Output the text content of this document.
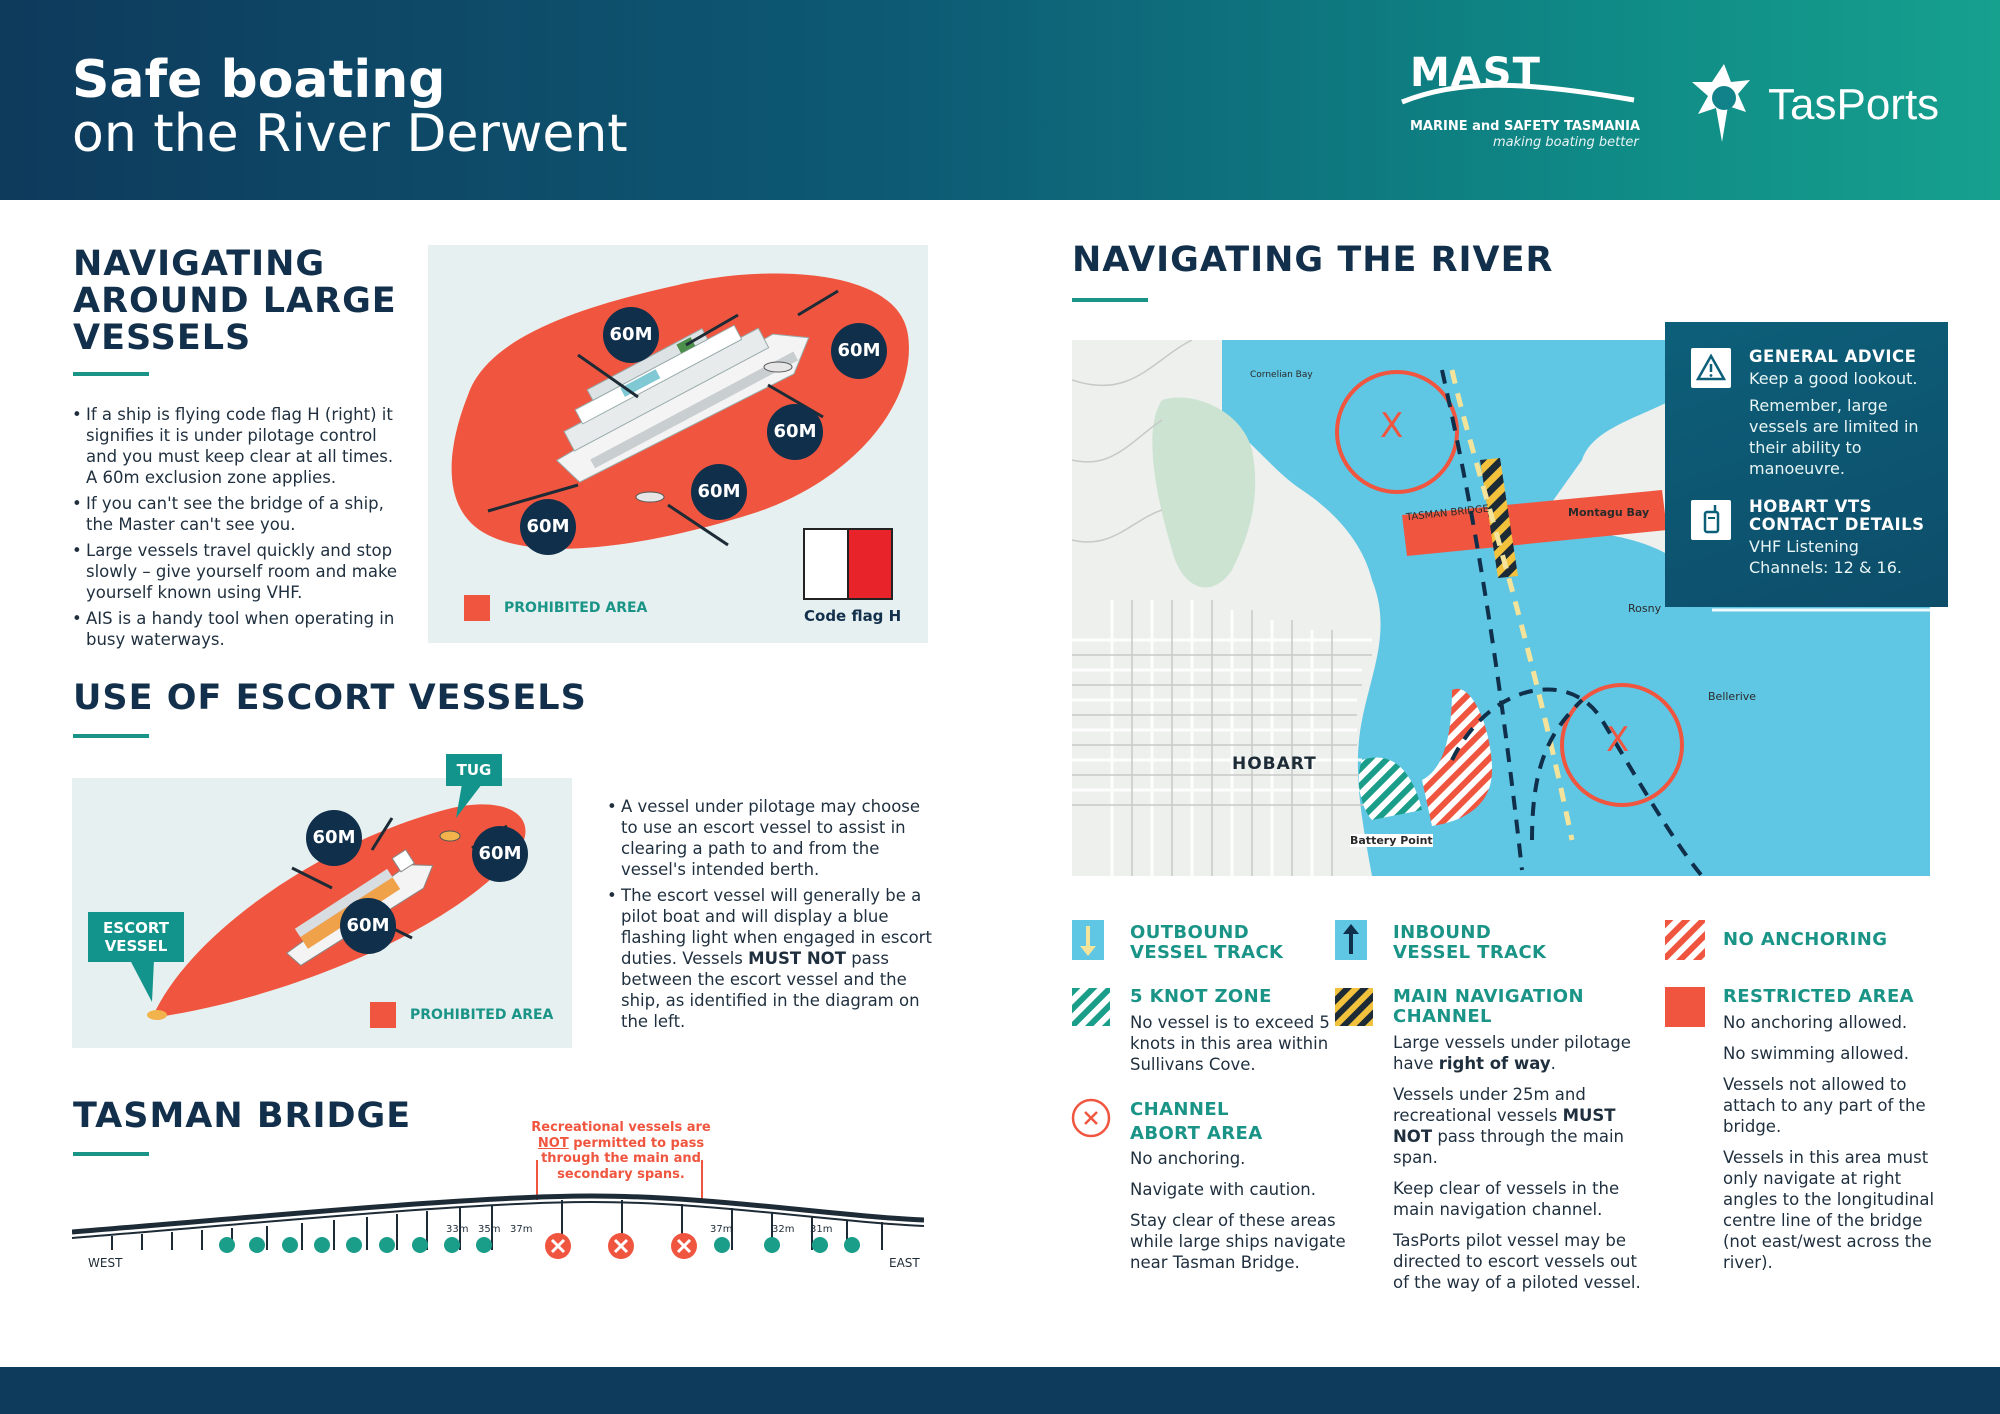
Safe boating
on the River Derwent
MAST
MARINE and SAFETY TASMANIA
making boating better
TasPorts
NAVIGATING
AROUND LARGE
VESSELS
• If a ship is flying code flag H (right) it signifies it is under pilotage control and you must keep clear at all times. A 60m exclusion zone applies.
• If you can't see the bridge of a ship, the Master can't see you.
• Large vessels travel quickly and stop slowly – give yourself room and make yourself known using VHF.
• AIS is a handy tool when operating in busy waterways.
60M
60M
60M
60M
60M
PROHIBITED AREA	Code flag H
USE OF ESCORT VESSELS
60M
60M
60M
PROHIBITED AREA
TUG
ESCORT
VESSEL
• A vessel under pilotage may choose to use an escort vessel to assist in clearing a path to and from the vessel's intended berth.
• The escort vessel will generally be a pilot boat and will display a blue flashing light when engaged in escort duties. Vessels MUST NOT pass between the escort vessel and the ship, as identified in the diagram on the left.
TASMAN BRIDGE	Recreational vessels are
NOT permitted to pass
through the main and
secondary spans.
33m 35m 37m	37m	32m 31m
WEST	EAST
NAVIGATING THE RIVER
X
X
Cornelian Bay
TASMAN BRIDGE	Montagu Bay
Rosny
Bellerive
HOBART
Battery Point
GENERAL ADVICE
Keep a good lookout.
Remember, large vessels are limited in their ability to manoeuvre.
HOBART VTS
CONTACT DETAILS
VHF Listening Channels: 12 & 16.
OUTBOUND
VESSEL TRACK
INBOUND
VESSEL TRACK
NO ANCHORING
5 KNOT ZONE
No vessel is to exceed 5 knots in this area within Sullivans Cove.
MAIN NAVIGATION
CHANNEL

Large vessels under pilotage have right of way.

Vessels under 25m and recreational vessels MUST NOT pass through the main span.

Keep clear of vessels in the main navigation channel.

TasPorts pilot vessel may be directed to escort vessels out of the way of a piloted vessel.

RESTRICTED AREA

No anchoring allowed.

No swimming allowed.

Vessels not allowed to attach to any part of the bridge.

Vessels in this area must only navigate at right angles to the longitudinal centre line of the bridge (not east/west across the river).

CHANNEL
ABORT AREA

No anchoring.

Navigate with caution.

Stay clear of these areas while large ships navigate near Tasman Bridge.
